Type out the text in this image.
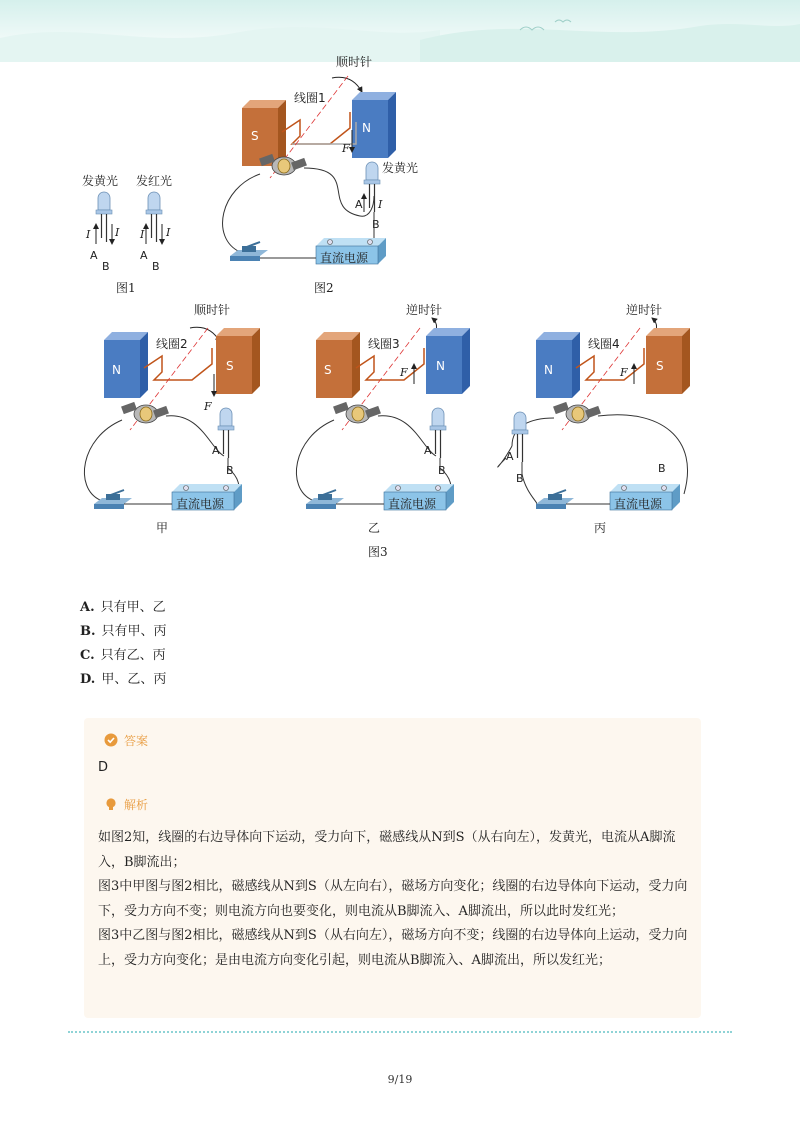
发黄光 发红光
I I I I
A
B
A
B
图1
顺时针
S
N
线圈1
F
发黄光
A I
B
直流电源
图2
顺时针
N	S
线圈2
F
A
B
直流电源
甲
逆时针
S	N
线圈3
F
A
B
直流电源
乙
逆时针
N	S
线圈4
F
A
B
B
直流电源
丙
图3
A. 只有甲、乙
B. 只有甲、丙
C. 只有乙、丙
D. 甲、乙、丙
答案
D
解析

如图2知，线圈的右边导体向下运动，受力向下，磁感线从N到S（从右向左），发黄光，电流从A脚流入，B脚流出；

图3中甲图与图2相比，磁感线从N到S（从左向右），磁场方向变化；线圈的右边导体向下运动，受力向下，受力方向不变；则电流方向也要变化，则电流从B脚流入、A脚流出，所以此时发红光；

图3中乙图与图2相比，磁感线从N到S（从右向左），磁场方向不变；线圈的右边导体向上运动，受力向上，受力方向变化；是由电流方向变化引起，则电流从B脚流入、A脚流出，所以发红光；

9/19
